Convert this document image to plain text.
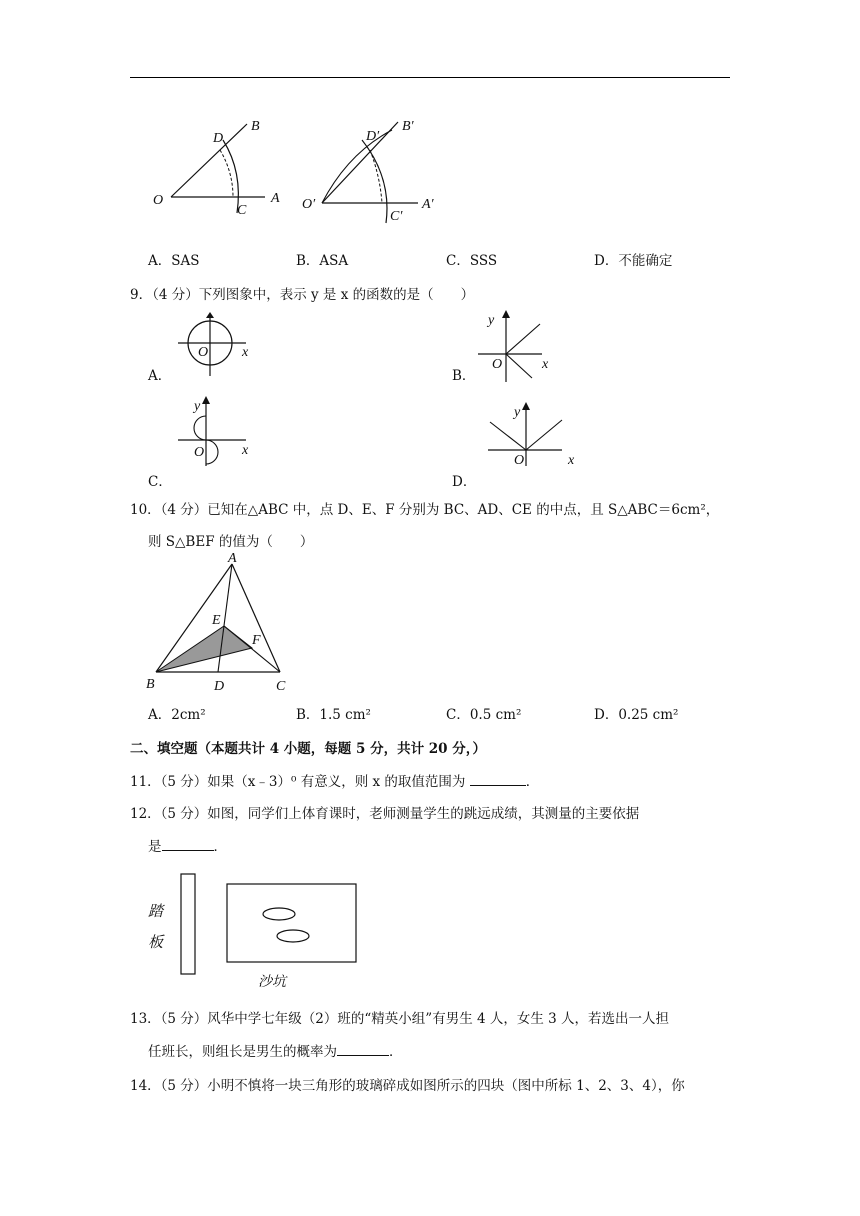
O	A
B
C
D
O′	A′
B′
C′
D′
A．SAS	B．ASA	C．SSS	D．不能确定
9．（4 分）下列图象中，表示 y 是 x 的函数的是（　　）
O x
A．
y
O	x
B．
y
O	x
C．
y
O	x
D．
10．（4 分）已知在△ABC 中，点 D、E、F 分别为 BC、AD、CE 的中点，且 S△ABC＝6cm²，
则 S△BEF 的值为（　　）
A
B	C
D
E
F
A．2cm²	B．1.5 cm²	C．0.5 cm²	D．0.25 cm²
二、填空题（本题共计 4 小题，每题 5 分，共计 20 分，）
11．（5 分）如果（x﹣3）⁰ 有意义，则 x 的取值范围为	．
12．（5 分）如图，同学们上体育课时，老师测量学生的跳远成绩，其测量的主要依据
是	．
踏
板
沙坑
13．（5 分）风华中学七年级（2）班的“精英小组”有男生 4 人，女生 3 人，若选出一人担
任班长，则组长是男生的概率为	．
14．（5 分）小明不慎将一块三角形的玻璃碎成如图所示的四块（图中所标 1、2、3、4），你
